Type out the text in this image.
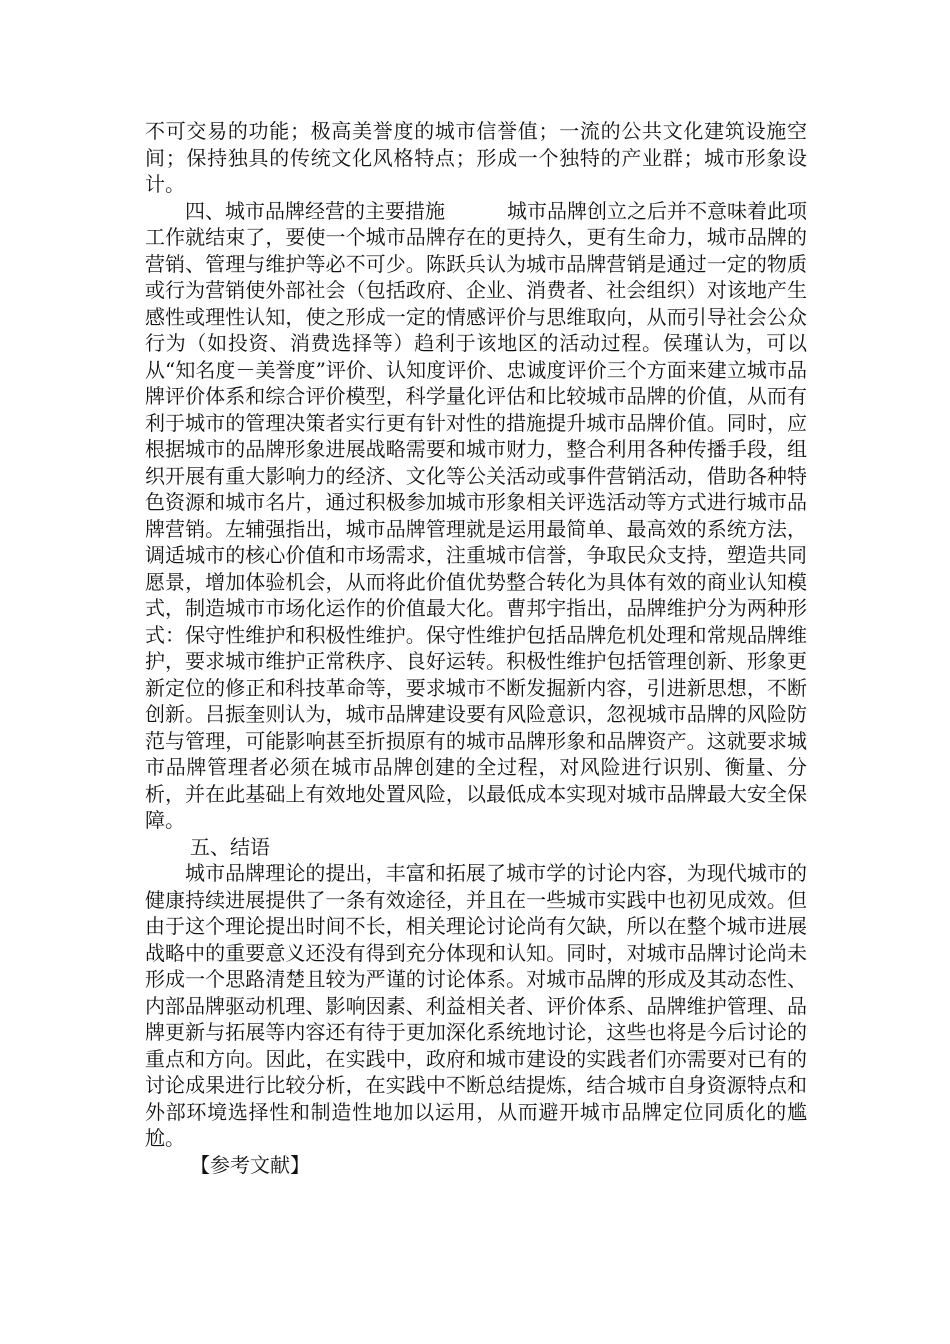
不可交易的功能；极高美誉度的城市信誉值；一流的公共文化建筑设施空间；保持独具的传统文化风格特点；形成一个独特的产业群；城市形象设计。

四、城市品牌经营的主要措施	城市品牌创立之后并不意味着此项工作就结束了，要使一个城市品牌存在的更持久，更有生命力，城市品牌的营销、管理与维护等必不可少。陈跃兵认为城市品牌营销是通过一定的物质或行为营销使外部社会（包括政府、企业、消费者、社会组织）对该地产生感性或理性认知，使之形成一定的情感评价与思维取向，从而引导社会公众行为（如投资、消费选择等）趋利于该地区的活动过程。侯瑾认为，可以从“知名度－美誉度”评价、认知度评价、忠诚度评价三个方面来建立城市品牌评价体系和综合评价模型，科学量化评估和比较城市品牌的价值，从而有利于城市的管理决策者实行更有针对性的措施提升城市品牌价值。同时，应根据城市的品牌形象进展战略需要和城市财力，整合利用各种传播手段，组织开展有重大影响力的经济、文化等公关活动或事件营销活动，借助各种特色资源和城市名片，通过积极参加城市形象相关评选活动等方式进行城市品牌营销。左辅强指出，城市品牌管理就是运用最简单、最高效的系统方法，调适城市的核心价值和市场需求，注重城市信誉，争取民众支持，塑造共同愿景，增加体验机会，从而将此价值优势整合转化为具体有效的商业认知模式，制造城市市场化运作的价值最大化。曹邦宇指出，品牌维护分为两种形式：保守性维护和积极性维护。保守性维护包括品牌危机处理和常规品牌维护，要求城市维护正常秩序、良好运转。积极性维护包括管理创新、形象更新定位的修正和科技革命等，要求城市不断发掘新内容，引进新思想，不断创新。吕振奎则认为，城市品牌建设要有风险意识，忽视城市品牌的风险防范与管理，可能影响甚至折损原有的城市品牌形象和品牌资产。这就要求城市品牌管理者必须在城市品牌创建的全过程，对风险进行识别、衡量、分析，并在此基础上有效地处置风险，以最低成本实现对城市品牌最大安全保障。

五、结语

城市品牌理论的提出，丰富和拓展了城市学的讨论内容，为现代城市的健康持续进展提供了一条有效途径，并且在一些城市实践中也初见成效。但由于这个理论提出时间不长，相关理论讨论尚有欠缺，所以在整个城市进展战略中的重要意义还没有得到充分体现和认知。同时，对城市品牌讨论尚未形成一个思路清楚且较为严谨的讨论体系。对城市品牌的形成及其动态性、内部品牌驱动机理、影响因素、利益相关者、评价体系、品牌维护管理、品牌更新与拓展等内容还有待于更加深化系统地讨论，这些也将是今后讨论的重点和方向。因此，在实践中，政府和城市建设的实践者们亦需要对已有的讨论成果进行比较分析，在实践中不断总结提炼，结合城市自身资源特点和外部环境选择性和制造性地加以运用，从而避开城市品牌定位同质化的尴尬。

【参考文献】
